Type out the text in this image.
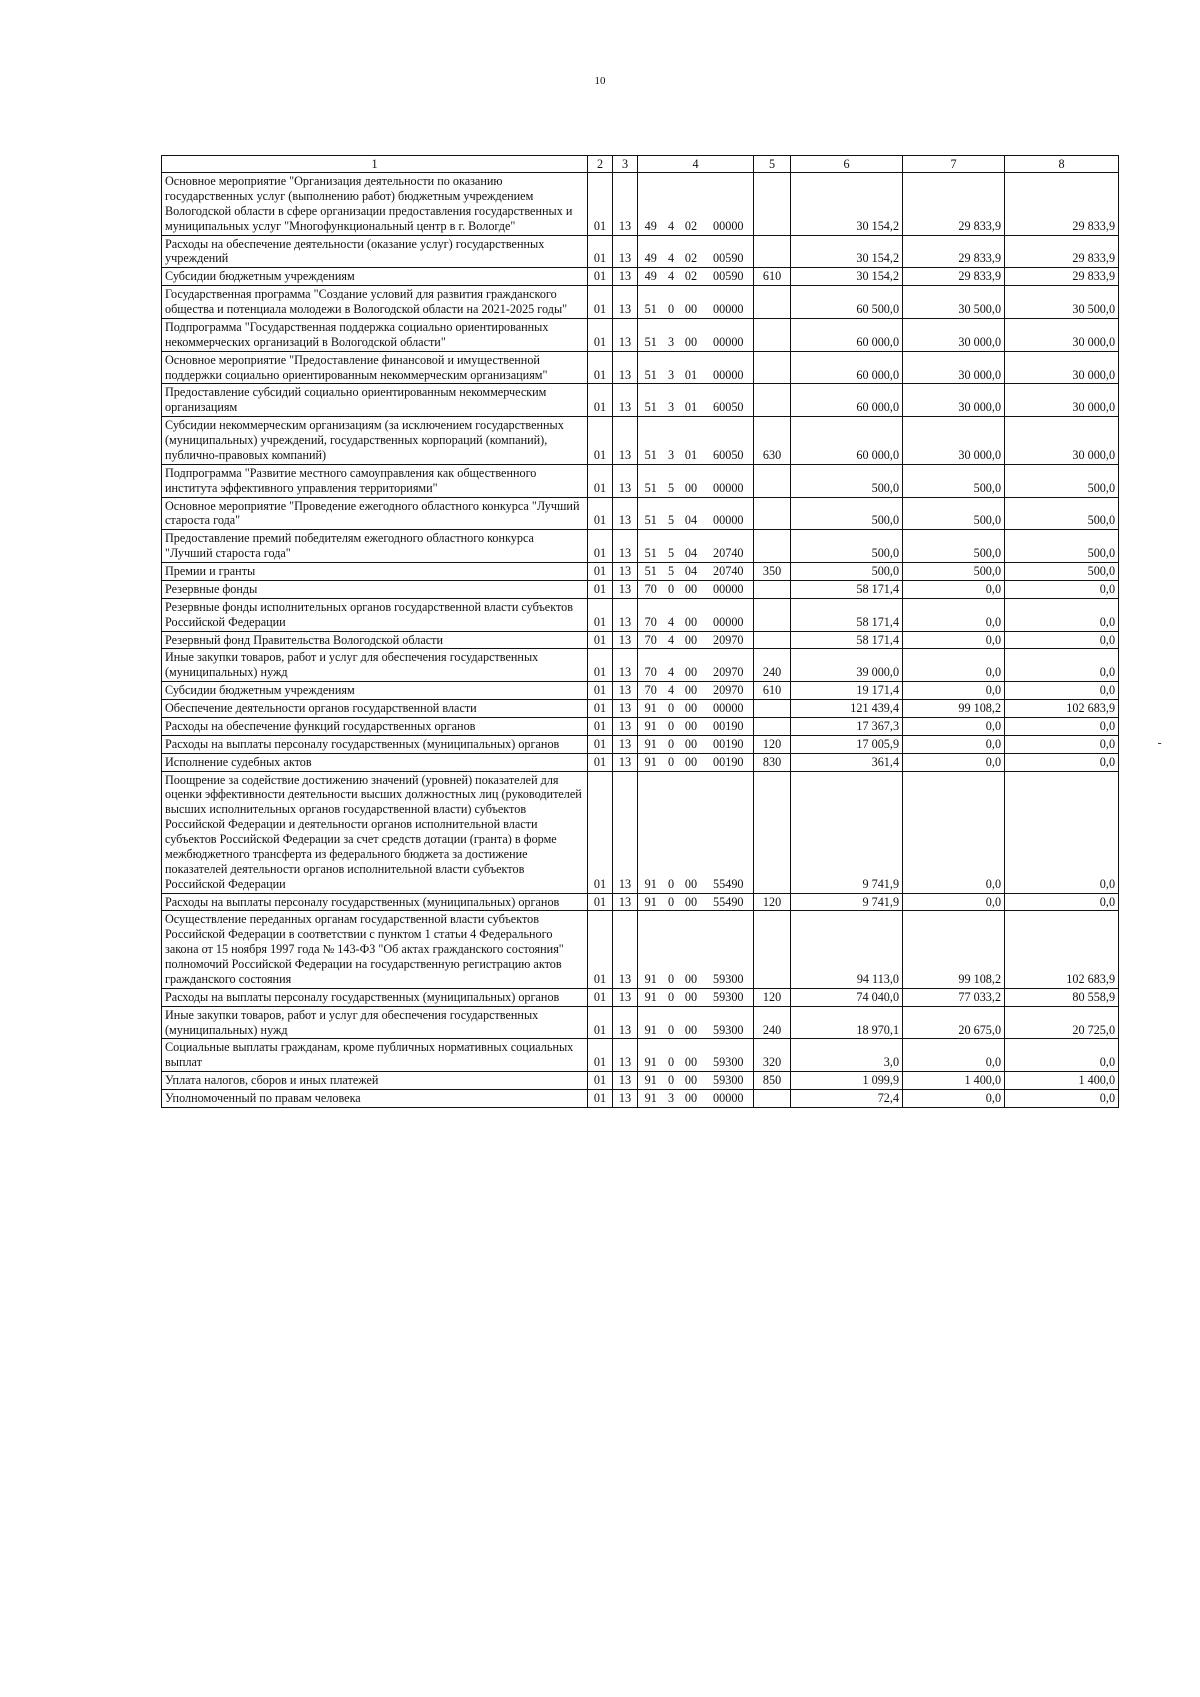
10
1	2	3	4				5	6	7	8
Основное мероприятие "Организация деятельности по оказанию государственных услуг (выполнению работ) бюджетным учреждением Вологодской области в сфере организации предоставления государственных и муниципальных услуг "Многофункциональный центр в г. Вологде"	01	13	49	4	02	00000		30 154,2	29 833,9	29 833,9
Расходы на обеспечение деятельности (оказание услуг) государственных учреждений	01	13	49	4	02	00590		30 154,2	29 833,9	29 833,9
Субсидии бюджетным учреждениям	01	13	49	4	02	00590	610	30 154,2	29 833,9	29 833,9
Государственная программа "Создание условий для развития гражданского общества и потенциала молодежи в Вологодской области на 2021-2025 годы"	01	13	51	0	00	00000		60 500,0	30 500,0	30 500,0
Подпрограмма "Государственная поддержка социально ориентированных некоммерческих организаций в Вологодской области"	01	13	51	3	00	00000		60 000,0	30 000,0	30 000,0
Основное мероприятие "Предоставление финансовой и имущественной поддержки социально ориентированным некоммерческим организациям"	01	13	51	3	01	00000		60 000,0	30 000,0	30 000,0
Предоставление субсидий социально ориентированным некоммерческим организациям	01	13	51	3	01	60050		60 000,0	30 000,0	30 000,0
Субсидии некоммерческим организациям (за исключением государственных (муниципальных) учреждений, государственных корпораций (компаний), публично-правовых компаний)	01	13	51	3	01	60050	630	60 000,0	30 000,0	30 000,0
Подпрограмма "Развитие местного самоуправления как общественного института эффективного управления территориями"	01	13	51	5	00	00000		500,0	500,0	500,0
Основное мероприятие "Проведение ежегодного областного конкурса "Лучший староста года"	01	13	51	5	04	00000		500,0	500,0	500,0
Предоставление премий победителям ежегодного областного конкурса "Лучший староста года"	01	13	51	5	04	20740		500,0	500,0	500,0
Премии и гранты	01	13	51	5	04	20740	350	500,0	500,0	500,0
Резервные фонды	01	13	70	0	00	00000		58 171,4	0,0	0,0
Резервные фонды исполнительных органов государственной власти субъектов Российской Федерации	01	13	70	4	00	00000		58 171,4	0,0	0,0
Резервный фонд Правительства Вологодской области	01	13	70	4	00	20970		58 171,4	0,0	0,0
Иные закупки товаров, работ и услуг для обеспечения государственных (муниципальных) нужд	01	13	70	4	00	20970	240	39 000,0	0,0	0,0
Субсидии бюджетным учреждениям	01	13	70	4	00	20970	610	19 171,4	0,0	0,0
Обеспечение деятельности органов государственной власти	01	13	91	0	00	00000		121 439,4	99 108,2	102 683,9
Расходы на обеспечение функций государственных органов	01	13	91	0	00	00190		17 367,3	0,0	0,0
Расходы на выплаты персоналу государственных (муниципальных) органов	01	13	91	0	00	00190	120	17 005,9	0,0	0,0
Исполнение судебных актов	01	13	91	0	00	00190	830	361,4	0,0	0,0
Поощрение за содействие достижению значений (уровней) показателей для оценки эффективности деятельности высших должностных лиц (руководителей высших исполнительных органов государственной власти) субъектов Российской Федерации и деятельности органов исполнительной власти субъектов Российской Федерации за счет средств дотации (гранта) в форме межбюджетного трансферта из федерального бюджета за достижение показателей деятельности органов исполнительной власти субъектов Российской Федерации	01	13	91	0	00	55490		9 741,9	0,0	0,0
Расходы на выплаты персоналу государственных (муниципальных) органов	01	13	91	0	00	55490	120	9 741,9	0,0	0,0
Осуществление переданных органам государственной власти субъектов Российской Федерации в соответствии с пунктом 1 статьи 4 Федерального закона от 15 ноября 1997 года № 143-ФЗ "Об актах гражданского состояния" полномочий Российской Федерации на государственную регистрацию актов гражданского состояния	01	13	91	0	00	59300		94 113,0	99 108,2	102 683,9
Расходы на выплаты персоналу государственных (муниципальных) органов	01	13	91	0	00	59300	120	74 040,0	77 033,2	80 558,9
Иные закупки товаров, работ и услуг для обеспечения государственных (муниципальных) нужд	01	13	91	0	00	59300	240	18 970,1	20 675,0	20 725,0
Социальные выплаты гражданам, кроме публичных нормативных социальных выплат	01	13	91	0	00	59300	320	3,0	0,0	0,0
Уплата налогов, сборов и иных платежей	01	13	91	0	00	59300	850	1 099,9	1 400,0	1 400,0
Уполномоченный по правам человека	01	13	91	3	00	00000		72,4	0,0	0,0
-
